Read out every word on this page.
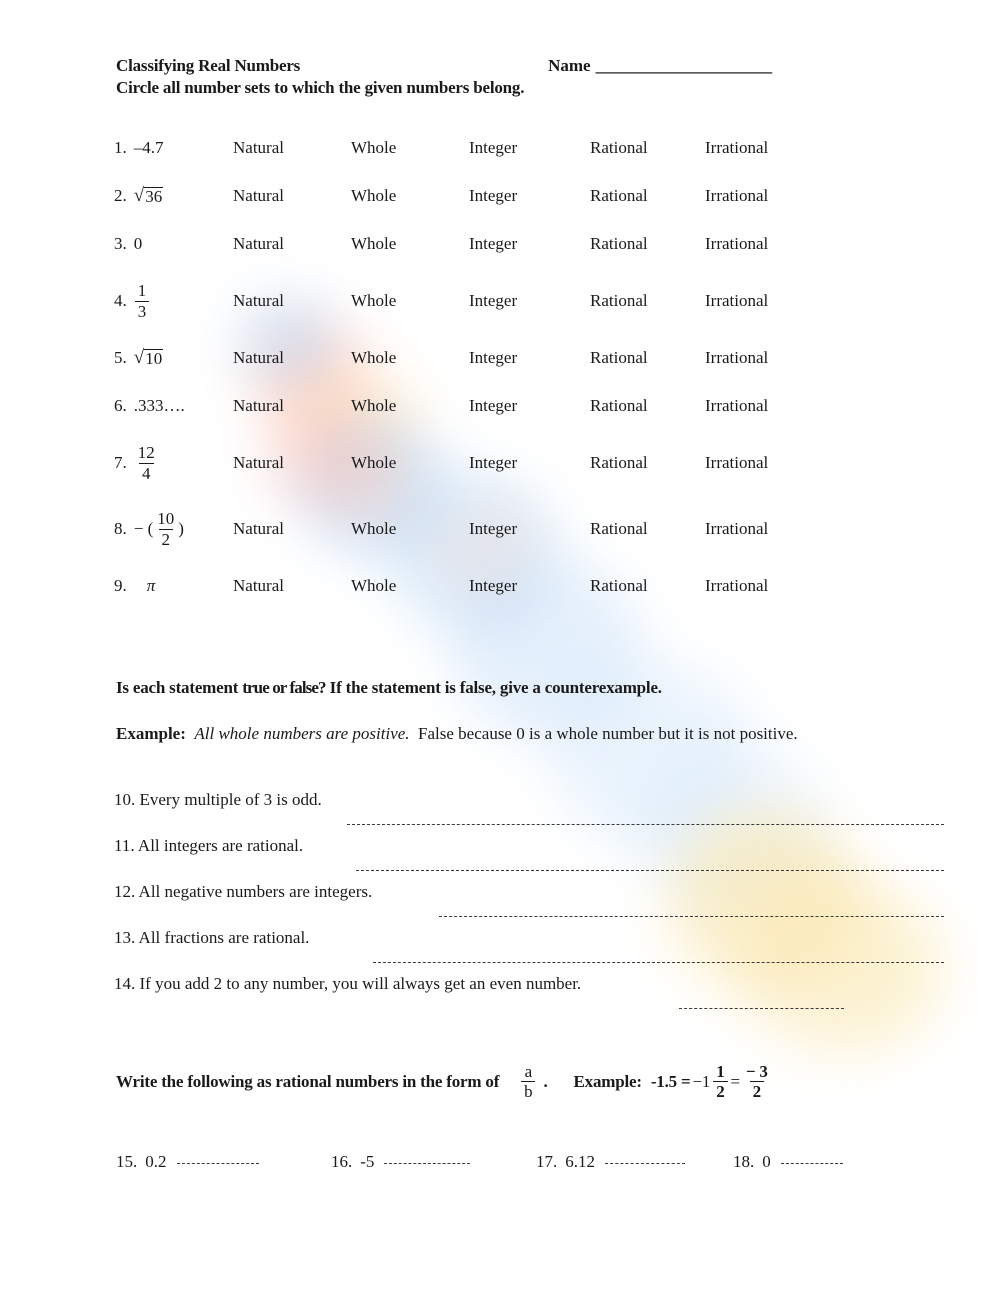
Classifying Real Numbers	Name ______________________
Circle all number sets to which the given numbers belong.
1. –4.7	Natural	Whole	Integer	Rational	Irrational
2. √ 36	Natural	Whole	Integer	Rational	Irrational
3. 0	Natural	Whole	Integer	Rational	Irrational
4. $\frac{1}{3}$	Natural	Whole	Integer	Rational	Irrational
5. √ 10	Natural	Whole	Integer	Rational	Irrational
6. .333….	Natural	Whole	Integer	Rational	Irrational
7. $\frac{12}{4}$	Natural	Whole	Integer	Rational	Irrational
8. − ( $\frac{10}{2}$ )	Natural	Whole	Integer	Rational	Irrational
9. π	Natural	Whole	Integer	Rational	Irrational
Is each statement true or false? If the statement is false, give a counterexample.
Example: All whole numbers are positive. False because 0 is a whole number but it is not positive.
10. Every multiple of 3 is odd.
11. All integers are rational.
12. All negative numbers are integers.
13. All fractions are rational.
14. If you add 2 to any number, you will always get an even number.
Write the following as rational numbers in the form of $\frac{a}{b}$ . Example: $-1.5 = -1 \frac{1}{2} = \frac{- 3}{2}$
15. 0.2	16. -5	17. 6.12	18. 0
